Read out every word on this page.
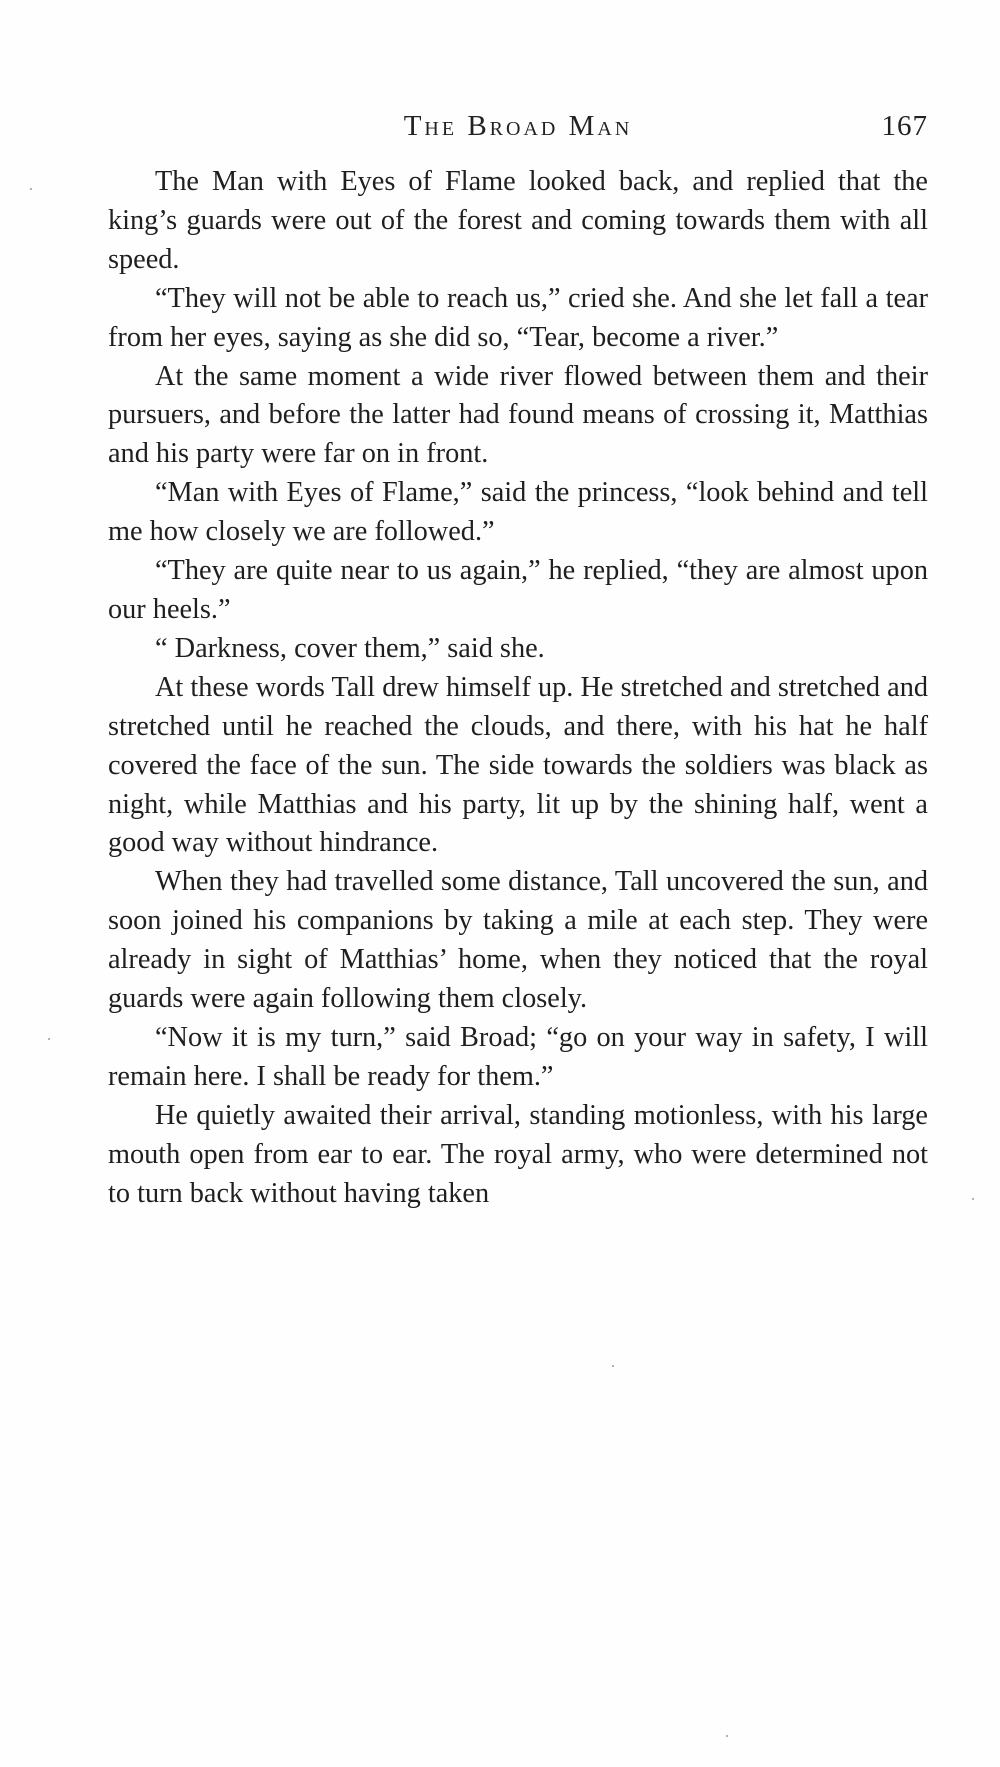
The Broad Man	167

The Man with Eyes of Flame looked back, and replied that the king’s guards were out of the forest and coming towards them with all speed.

“They will not be able to reach us,” cried she. And she let fall a tear from her eyes, saying as she did so, “Tear, become a river.”

At the same moment a wide river flowed between them and their pursuers, and before the latter had found means of crossing it, Matthias and his party were far on in front.

“Man with Eyes of Flame,” said the princess, “look behind and tell me how closely we are followed.”

“They are quite near to us again,” he replied, “they are almost upon our heels.”

“ Darkness, cover them,” said she.

At these words Tall drew himself up. He stretched and stretched and stretched until he reached the clouds, and there, with his hat he half covered the face of the sun. The side towards the soldiers was black as night, while Matthias and his party, lit up by the shining half, went a good way without hindrance.

When they had travelled some distance, Tall uncovered the sun, and soon joined his companions by taking a mile at each step. They were already in sight of Matthias’ home, when they noticed that the royal guards were again following them closely.

“Now it is my turn,” said Broad; “go on your way in safety, I will remain here. I shall be ready for them.”

He quietly awaited their arrival, standing motionless, with his large mouth open from ear to ear. The royal army, who were determined not to turn back without having taken
